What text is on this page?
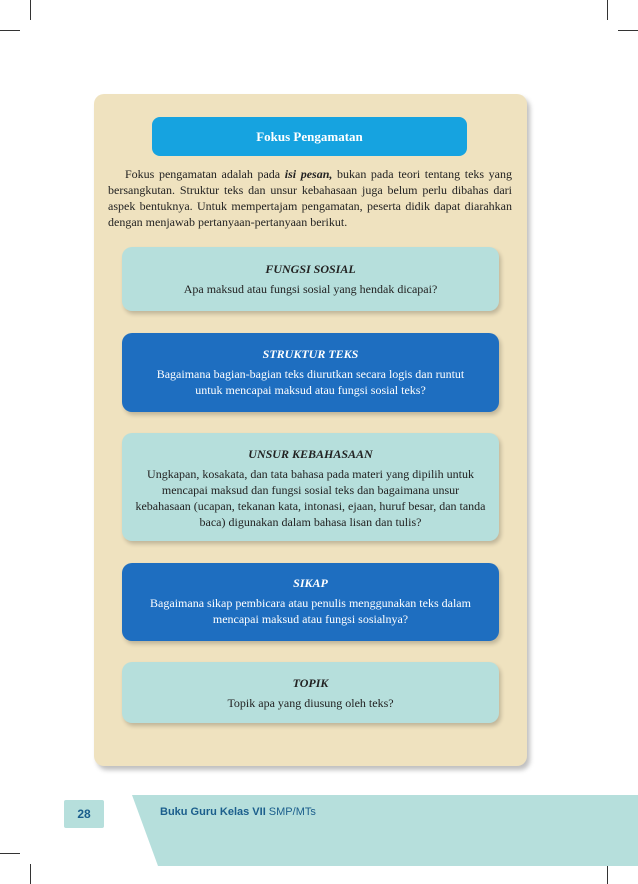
Fokus Pengamatan

Fokus pengamatan adalah pada isi pesan, bukan pada teori tentang teks yang bersangkutan. Struktur teks dan unsur kebahasaan juga belum perlu dibahas dari aspek bentuknya. Untuk mempertajam pengamatan, peserta didik dapat diarahkan dengan menjawab pertanyaan-pertanyaan berikut.

FUNGSI SOSIAL
Apa maksud atau fungsi sosial yang hendak dicapai?
STRUKTUR TEKS
Bagaimana bagian-bagian teks diurutkan secara logis dan runtut untuk mencapai maksud atau fungsi sosial teks?
UNSUR KEBAHASAAN
Ungkapan, kosakata, dan tata bahasa pada materi yang dipilih untuk mencapai maksud dan fungsi sosial teks dan bagaimana unsur kebahasaan (ucapan, tekanan kata, intonasi, ejaan, huruf besar, dan tanda baca) digunakan dalam bahasa lisan dan tulis?
SIKAP
Bagaimana sikap pembicara atau penulis menggunakan teks dalam mencapai maksud atau fungsi sosialnya?
TOPIK
Topik apa yang diusung oleh teks?
28	Buku Guru Kelas VII SMP/MTs
